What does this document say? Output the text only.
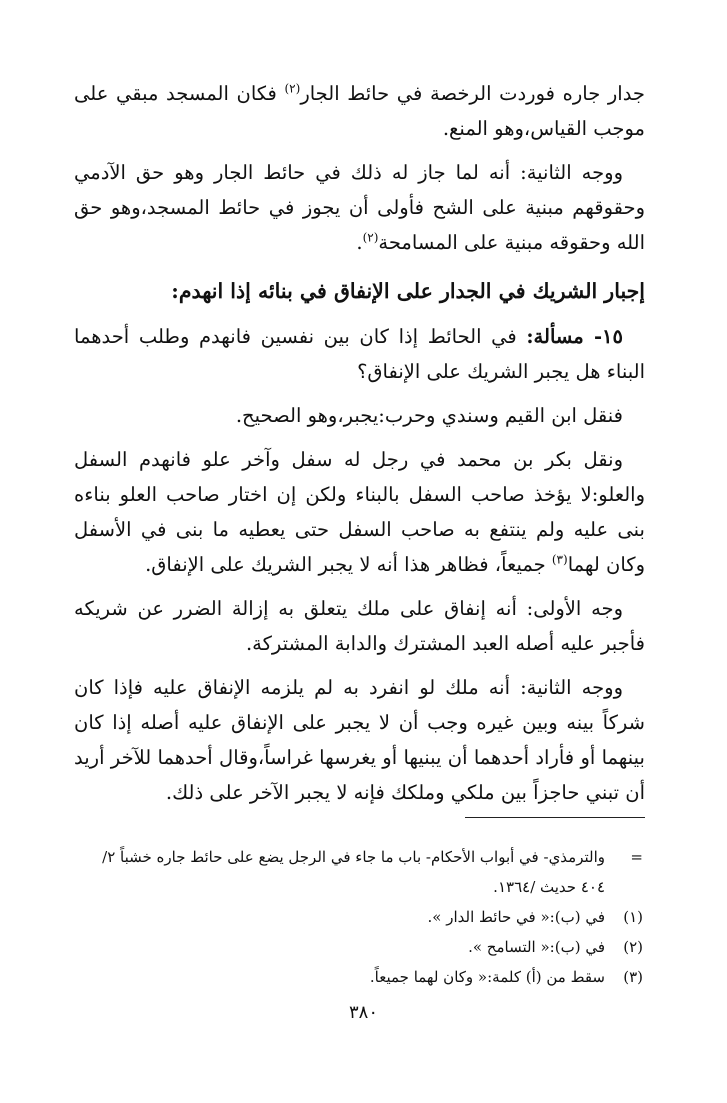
جدار جاره فوردت الرخصة في حائط الجار$^{(٢)}$ فكان المسجد مبقي على موجب القياس،وهو المنع.

ووجه الثانية: أنه لما جاز له ذلك في حائط الجار وهو حق الآدمي وحقوقهم مبنية على الشح فأولى أن يجوز في حائط المسجد،وهو حق الله وحقوقه مبنية على المسامحة$^{(٢)}$.

إجبار الشريك في الجدار على الإنفاق في بنائه إذا انهدم:

١٥- مسألة: في الحائط إذا كان بين نفسين فانهدم وطلب أحدهما البناء هل يجبر الشريك على الإنفاق؟

فنقل ابن القيم وسندي وحرب:يجبر،وهو الصحيح.

ونقل بكر بن محمد في رجل له سفل وآخر علو فانهدم السفل والعلو:لا يؤخذ صاحب السفل بالبناء ولكن إن اختار صاحب العلو بناءه بنى عليه ولم ينتفع به صاحب السفل حتى يعطيه ما بنى في الأسفل وكان لهما$^{(٣)}$ جميعاً، فظاهر هذا أنه لا يجبر الشريك على الإنفاق.

وجه الأولى: أنه إنفاق على ملك يتعلق به إزالة الضرر عن شريكه فأجبر عليه أصله العبد المشترك والدابة المشتركة.

ووجه الثانية: أنه ملك لو انفرد به لم يلزمه الإنفاق عليه فإذا كان شركاً بينه وبين غيره وجب أن لا يجبر على الإنفاق عليه أصله إذا كان بينهما أو فأراد أحدهما أن يبنيها أو يغرسها غراساً،وقال أحدهما للآخر أريد أن تبني حاجزاً بين ملكي وملكك فإنه لا يجبر الآخر على ذلك.

=
والترمذي- في أبواب الأحكام- باب ما جاء في الرجل يضع على حائط جاره خشباً ٢/
٤٠٤ حديث /١٣٦٤.
(١)
في (ب):« في حائط الدار ».
(٢)
في (ب):« التسامح ».
(٣)
سقط من (أ) كلمة:« وكان لهما جميعاً.
٣٨٠
